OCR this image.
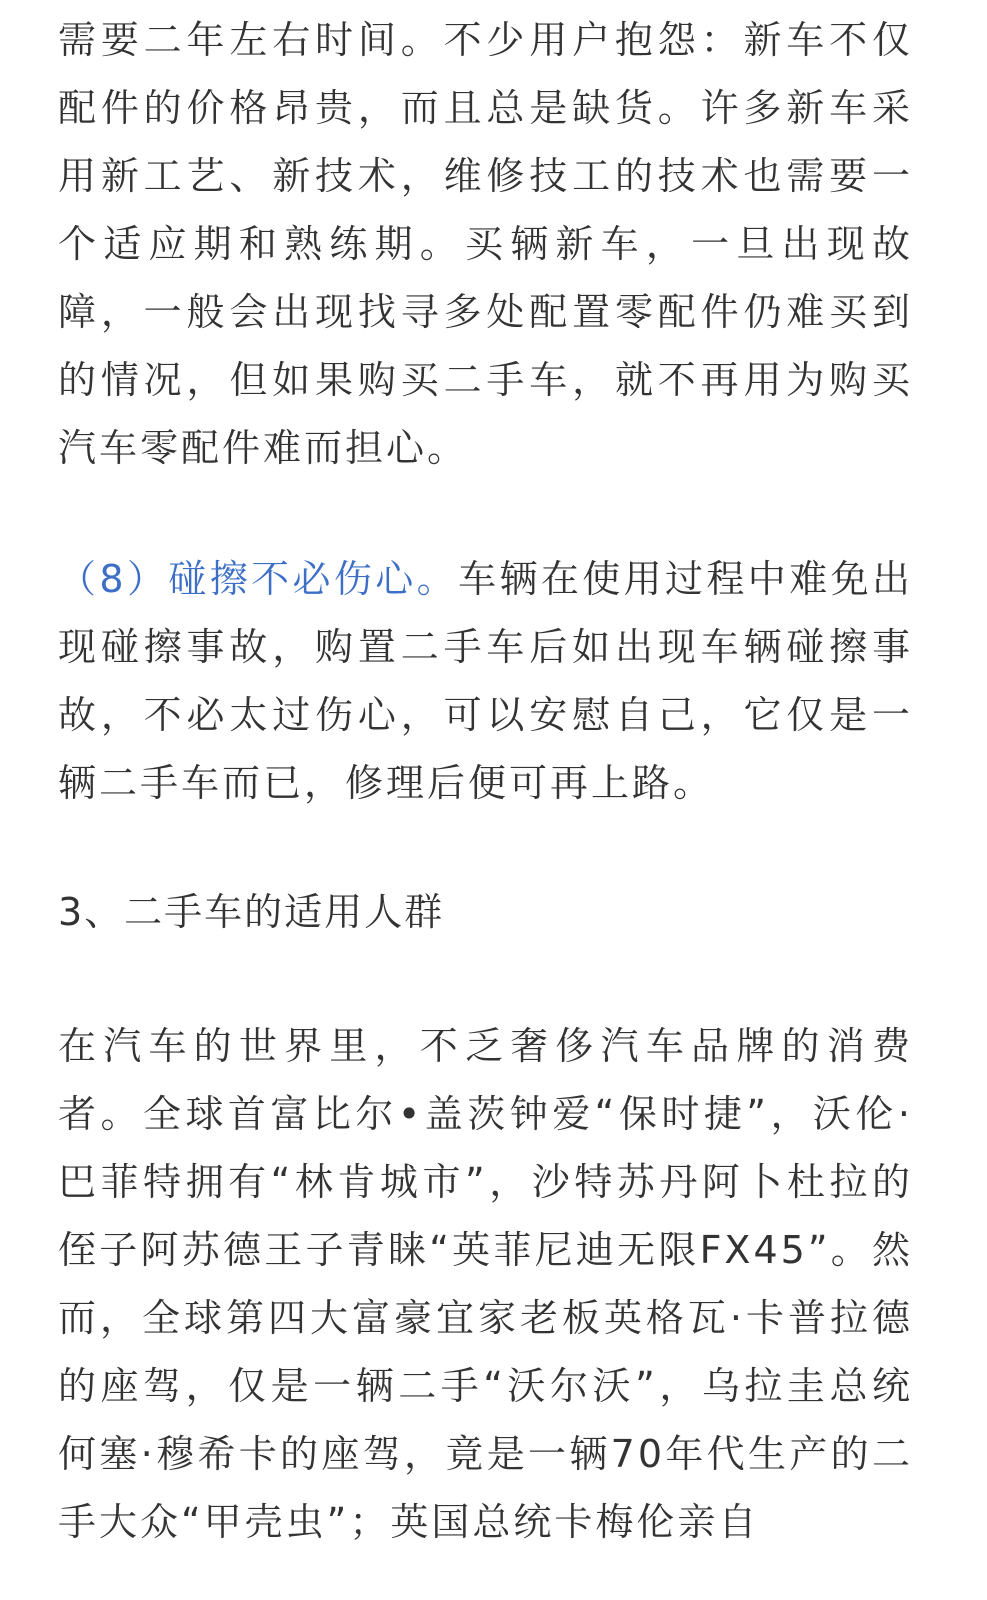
需要二年左右时间。不少用户抱怨：新车不仅配件的价格昂贵，而且总是缺货。许多新车采用新工艺、新技术，维修技工的技术也需要一个适应期和熟练期。买辆新车，一旦出现故障，一般会出现找寻多处配置零配件仍难买到的情况，但如果购买二手车，就不再用为购买汽车零配件难而担心。

（8）碰擦不必伤心。车辆在使用过程中难免出现碰擦事故，购置二手车后如出现车辆碰擦事故，不必太过伤心，可以安慰自己，它仅是一辆二手车而已，修理后便可再上路。

3、二手车的适用人群

在汽车的世界里，不乏奢侈汽车品牌的消费者。全球首富比尔•盖茨钟爱“保时捷”，沃伦·巴菲特拥有“林肯城市”，沙特苏丹阿卜杜拉的侄子阿苏德王子青睐“英菲尼迪无限FX45”。然而，全球第四大富豪宜家老板英格瓦·卡普拉德的座驾，仅是一辆二手“沃尔沃”，乌拉圭总统何塞·穆希卡的座驾，竟是一辆70年代生产的二手大众“甲壳虫”；英国总统卡梅伦亲自
